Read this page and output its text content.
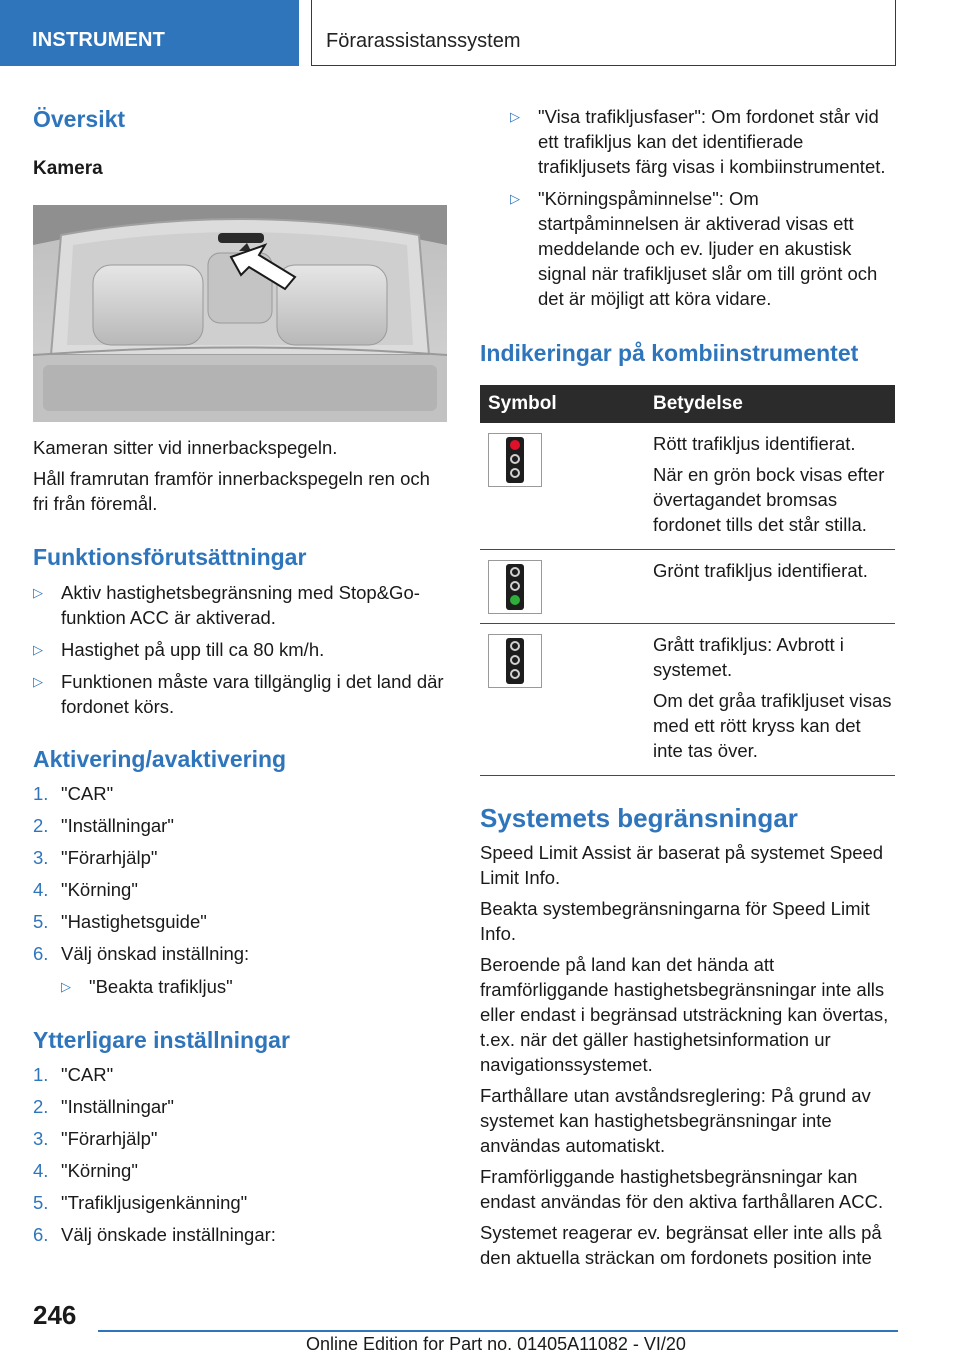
INSTRUMENT	Förarassistanssystem
Översikt
Kamera

Kameran sitter vid innerbackspegeln.

Håll framrutan framför innerbackspegeln ren och fri från föremål.

Funktionsförutsättningar
▷ Aktiv hastighetsbegränsning med Stop&Go-funktion ACC är aktiverad.
▷ Hastighet på upp till ca 80 km/h.
▷ Funktionen måste vara tillgänglig i det land där fordonet körs.
Aktivering/avaktivering
1. "CAR"
2. "Inställningar"
3. "Förarhjälp"
4. "Körning"
5. "Hastighetsguide"
6. Välj önskad inställning:
▷ "Beakta trafikljus"
Ytterligare inställningar
1. "CAR"
2. "Inställningar"
3. "Förarhjälp"
4. "Körning"
5. "Trafikljusigenkänning"
6. Välj önskade inställningar:
▷ "Visa trafikljusfaser": Om fordonet står vid ett trafikljus kan det identifierade trafikljusets färg visas i kombiinstrumentet.
▷ "Körningspåminnelse": Om startpåminnelsen är aktiverad visas ett meddelande och ev. ljuder en akustisk signal när trafikljuset slår om till grönt och det är möjligt att köra vidare.
Indikeringar på kombiinstrumentet
Symbol	Betydelse

	Rött trafikljus identifierat.

När en grön bock visas efter övertagandet bromsas fordonet tills det står stilla.

	Grönt trafikljus identifierat.

	Grått trafikljus: Avbrott i systemet.

Om det gråa trafikljuset visas med ett rött kryss kan det inte tas över.

Systemets begränsningar

Speed Limit Assist är baserat på systemet Speed Limit Info.

Beakta systembegränsningarna för Speed Limit Info.

Beroende på land kan det hända att framförliggande hastighetsbegränsningar inte alls eller endast i begränsad utsträckning kan övertas, t.ex. när det gäller hastighetsinformation ur navigationssystemet.

Farthållare utan avståndsreglering: På grund av systemet kan hastighetsbegränsningar inte användas automatiskt.

Framförliggande hastighetsbegränsningar kan endast användas för den aktiva farthållaren ACC.

Systemet reagerar ev. begränsat eller inte alls på den aktuella sträckan om fordonets position inte

246
Online Edition for Part no. 01405A11082 - VI/20
